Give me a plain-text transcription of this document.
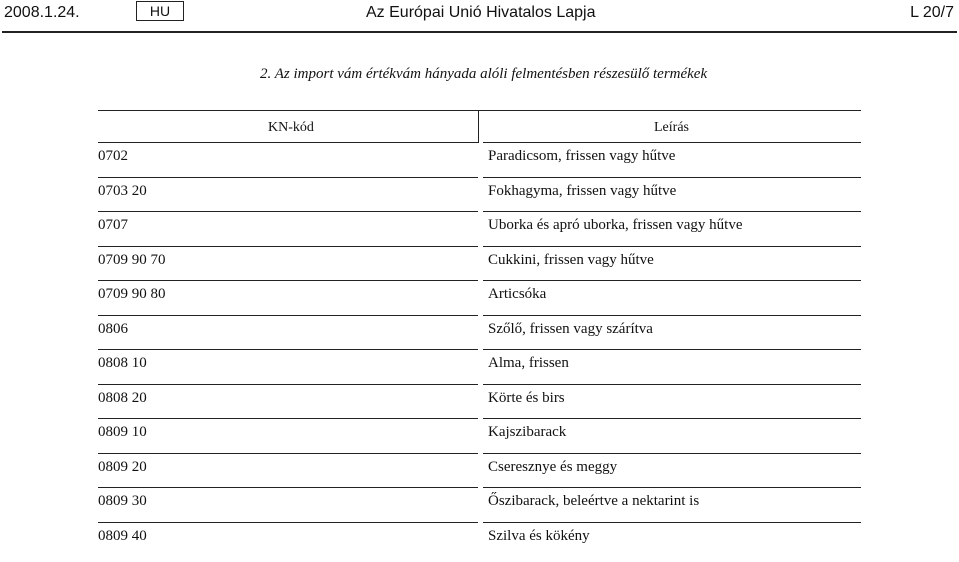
2008.1.24.	HU	Az Európai Unió Hivatalos Lapja	L 20/7
2. Az import vám értékvám hányada alóli felmentésben részesülő termékek
KN-kód	Leírás
0702	Paradicsom, frissen vagy hűtve
0703 20	Fokhagyma, frissen vagy hűtve
0707	Uborka és apró uborka, frissen vagy hűtve
0709 90 70	Cukkini, frissen vagy hűtve
0709 90 80	Articsóka
0806	Szőlő, frissen vagy szárítva
0808 10	Alma, frissen
0808 20	Körte és birs
0809 10	Kajszibarack
0809 20	Cseresznye és meggy
0809 30	Őszibarack, beleértve a nektarint is
0809 40	Szilva és kökény
